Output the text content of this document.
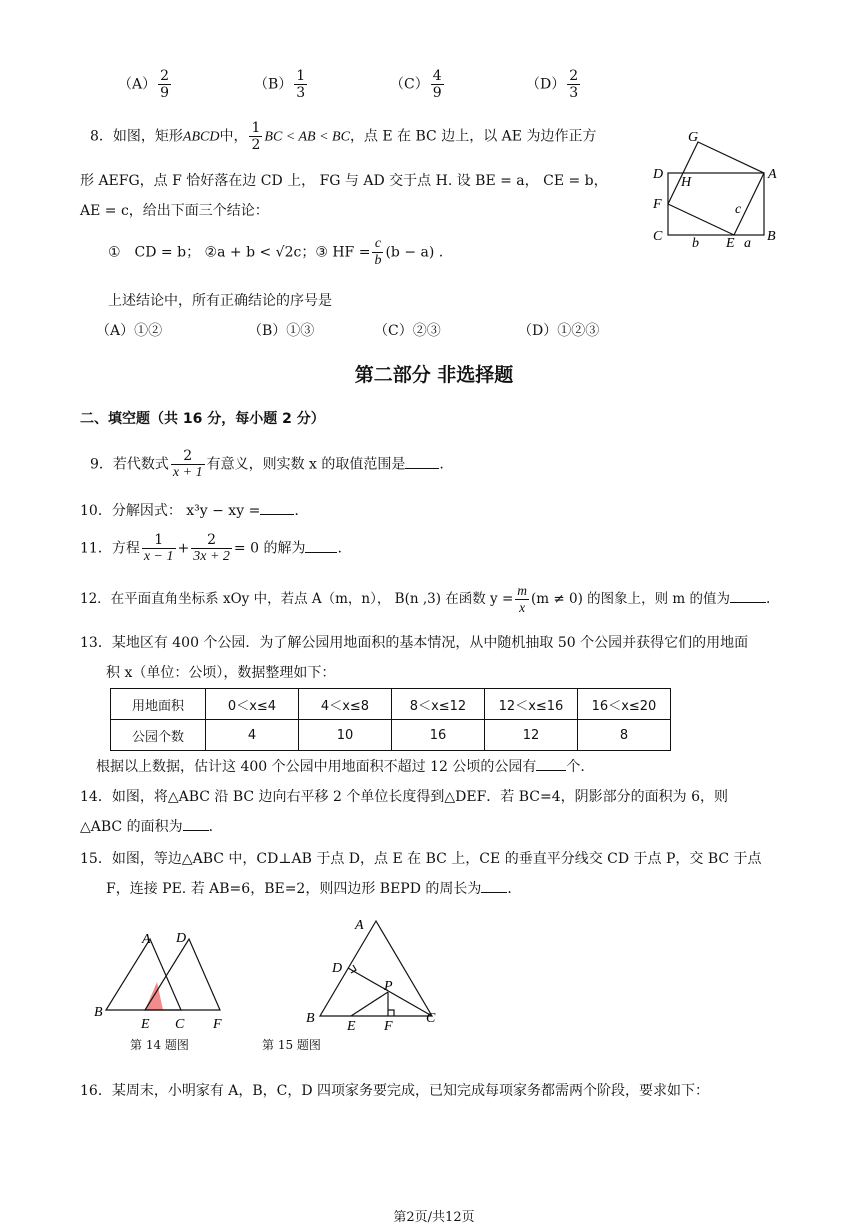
$(A) \frac{2}{9}$	$(B) \frac{1}{3}$	$(C) \frac{4}{9}$	$(D) \frac{2}{3}$
8．如图，矩形ABCD中， $\frac{1}{2}$ BC < AB < BC，点 E 在 BC 边上，以 AE 为边作正方
形 AEFG，点 F 恰好落在边 CD 上， FG 与 AD 交于点 H. 设 BE = a， CE = b，
AE = c，给出下面三个结论：
①　CD = b； ②a + b < √2c；③ HF = $\frac{c}{b} (b - a)$ .
上述结论中，所有正确结论的序号是
（A）①②	（B）①③	（C）②③	（D）①②③
G
D
H
A
F	c
C b E a B
第二部分 非选择题
二、填空题（共 16 分，每小题 2 分）
9．若代数式 $\frac{2}{x + 1}$ 有意义，则实数 x 的取值范围是 .
10．分解因式： x³y − xy = .
11．方程 $\frac{1}{x - 1} + \frac{2}{3x + 2} = 0$ 的解为 .
12．在平面直角坐标系 xOy 中，若点 A（m，n）， B(n ,3) 在函数 $y = \frac{m}{x} (m \ne 0)$ 的图象上，则 m 的值为	.
13．某地区有 400 个公园．为了解公园用地面积的基本情况，从中随机抽取 50 个公园并获得它们的用地面
积 x（单位：公顷），数据整理如下：
用地面积	0＜x≤4	4＜x≤8	8＜x≤12	12＜x≤16	16＜x≤20
公园个数	4	10	16	12	8
根据以上数据，估计这 400 个公园中用地面积不超过 12 公顷的公园有 个.
14．如图，将△ABC 沿 BC 边向右平移 2 个单位长度得到△DEF．若 BC=4，阴影部分的面积为 6，则
△ABC 的面积为 ．
15．如图，等边△ABC 中，CD⊥AB 于点 D，点 E 在 BC 上，CE 的垂直平分线交 CD 于点 P，交 BC 于点
F，连接 PE. 若 AB=6，BE=2，则四边形 BEPD 的周长为 ．
A D
B
E C F
第 14 题图
A
D
P
B
E F
C
第 15 题图
16．某周末，小明家有 A，B，C，D 四项家务要完成，已知完成每项家务都需两个阶段，要求如下：
第2页/共12页
